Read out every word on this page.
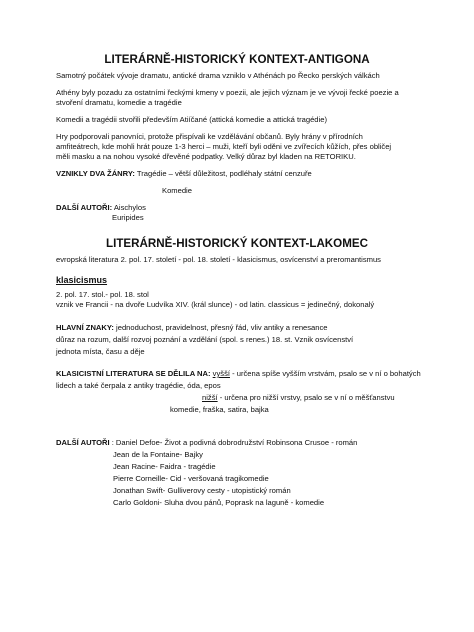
LITERÁRNĚ-HISTORICKÝ KONTEXT-ANTIGONA
Samotný počátek vývoje dramatu, antické drama vzniklo v Athénách po Řecko perských válkách
Athény byly pozadu za ostatními řeckými kmeny v poezii, ale jejich význam je ve vývoji řecké poezie a
stvoření dramatu, komedie a tragédie
Komedii a tragédii stvořili především Atiíčané (attická komedie a attická tragédie)
Hry podporovali panovníci, protože přispívali ke vzdělávání občanů. Byly hrány v přírodních
amfiteátrech, kde mohli hrát pouze 1-3 herci – muži, kteří byli oděni ve zvířecích kůžích, přes obličej
měli masku a na nohou vysoké dřevěné podpatky. Velký důraz byl kladen na RETORIKU.
VZNIKLY DVA ŽÁNRY: Tragédie – větší důležitost, podléhaly státní cenzuře
Komedie
DALŠÍ AUTOŘI: Aischylos
Euripides
LITERÁRNĚ-HISTORICKÝ KONTEXT-LAKOMEC
evropská literatura 2. pol. 17. století - pol. 18. století - klasicismus, osvícenství a preromantismus
klasicismus
2. pol. 17. stol.- pol. 18. stol
vznik ve Francii - na dvoře Ludvíka XIV. (král slunce) - od latin. classicus = jedinečný, dokonalý
HLAVNÍ ZNAKY: jednoduchost, pravidelnost, přesný řád, vliv antiky a renesance
důraz na rozum, další rozvoj poznání a vzdělání (spol. s renes.) 18. st. Vznik osvícenství
jednota místa, času a děje
KLASICISTNÍ LITERATURA SE DĚLILA NA: vyšší - určena spíše vyšším vrstvám, psalo se v ní o bohatých
lidech a také čerpala z antiky tragédie, óda, epos
nižší - určena pro nižší vrstvy, psalo se v ní o měšťanstvu
komedie, fraška, satira, bajka
DALŠÍ AUTOŘI : Daniel Defoe- Život a podivná dobrodružství Robinsona Crusoe - román
Jean de la Fontaine- Bajky
Jean Racine- Faidra - tragédie
Pierre Corneille- Cid - veršovaná tragikomedie
Jonathan Swift- Gulliverovy cesty - utopistický román
Carlo Goldoni- Sluha dvou pánů, Poprask na laguně - komedie
